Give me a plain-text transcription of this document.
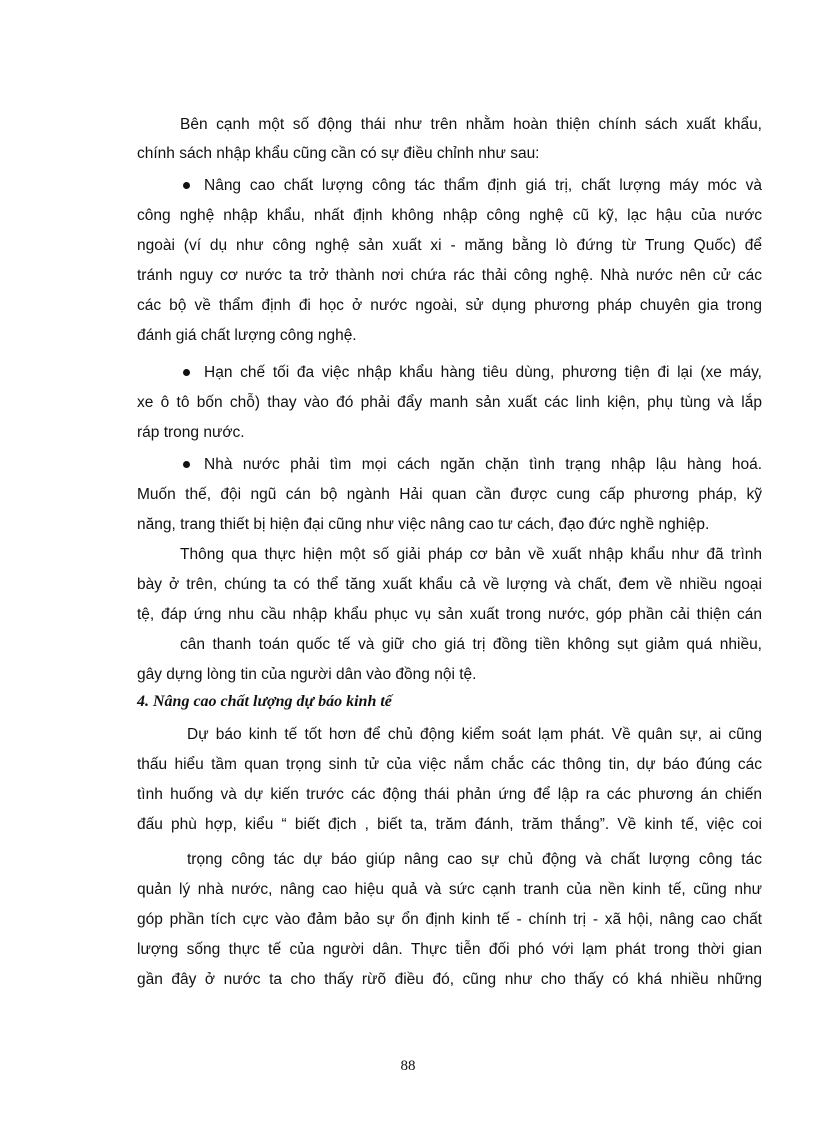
Bên cạnh một số động thái như trên nhằm hoàn thiện chính sách xuất khẩu,

chính sách nhập khẩu cũng cần có sự điều chỉnh như sau:

Nâng cao chất lượng công tác thẩm định giá trị, chất lượng máy móc và

công nghệ nhập khẩu, nhất định không nhập công nghệ cũ kỹ, lạc hậu của nước

ngoài (ví dụ như công nghệ sản xuất xi - măng bằng lò đứng từ Trung Quốc) để

tránh nguy cơ nước ta trở thành nơi chứa rác thải công nghệ. Nhà nước nên cử các

các bộ về thẩm định đi học ở nước ngoài, sử dụng phương pháp chuyên gia trong

đánh giá chất lượng công nghệ.

Hạn chế tối đa việc nhập khẩu hàng tiêu dùng, phương tiện đi lại (xe máy,

xe ô tô bốn chỗ) thay vào đó phải đẩy manh sản xuất các linh kiện, phụ tùng và lắp

ráp trong nước.

Nhà nước phải tìm mọi cách ngăn chặn tình trạng nhập lậu hàng hoá.

Muốn thế, đội ngũ cán bộ ngành Hải quan cần được cung cấp phương pháp, kỹ

năng, trang thiết bị hiện đại cũng như việc nâng cao tư cách, đạo đức nghề nghiệp.

Thông qua thực hiện một số giải pháp cơ bản về xuất nhập khẩu như đã trình

bày ở trên, chúng ta có thể tăng xuất khẩu cả về lượng và chất, đem về nhiều ngoại

tệ, đáp ứng nhu cầu nhập khẩu phục vụ sản xuất trong nước, góp phần cải thiện cán

cân thanh toán quốc tế và giữ cho giá trị đồng tiền không sụt giảm quá nhiều,

gây dựng lòng tin của người dân vào đồng nội tệ.

4. Nâng cao chất lượng dự báo kinh tế

Dự báo kinh tế tốt hơn để chủ động kiểm soát lạm phát. Về quân sự, ai cũng

thấu hiểu tầm quan trọng sinh tử của việc nắm chắc các thông tin, dự báo đúng các

tình huống và dự kiến trước các động thái phản ứng để lập ra các phương án chiến

đấu phù hợp, kiểu “ biết địch , biết ta, trăm đánh, trăm thắng”. Về kinh tế, việc coi

trọng công tác dự báo giúp nâng cao sự chủ động và chất lượng công tác

quản lý nhà nước, nâng cao hiệu quả và sức cạnh tranh của nền kinh tế, cũng như

góp phần tích cực vào đảm bảo sự ổn định kinh tế - chính trị - xã hội, nâng cao chất

lượng sống thực tế của người dân. Thực tiễn đối phó với lạm phát trong thời gian

gần đây ở nước ta cho thấy rừõ điều đó, cũng như cho thấy có khá nhiều những

88
